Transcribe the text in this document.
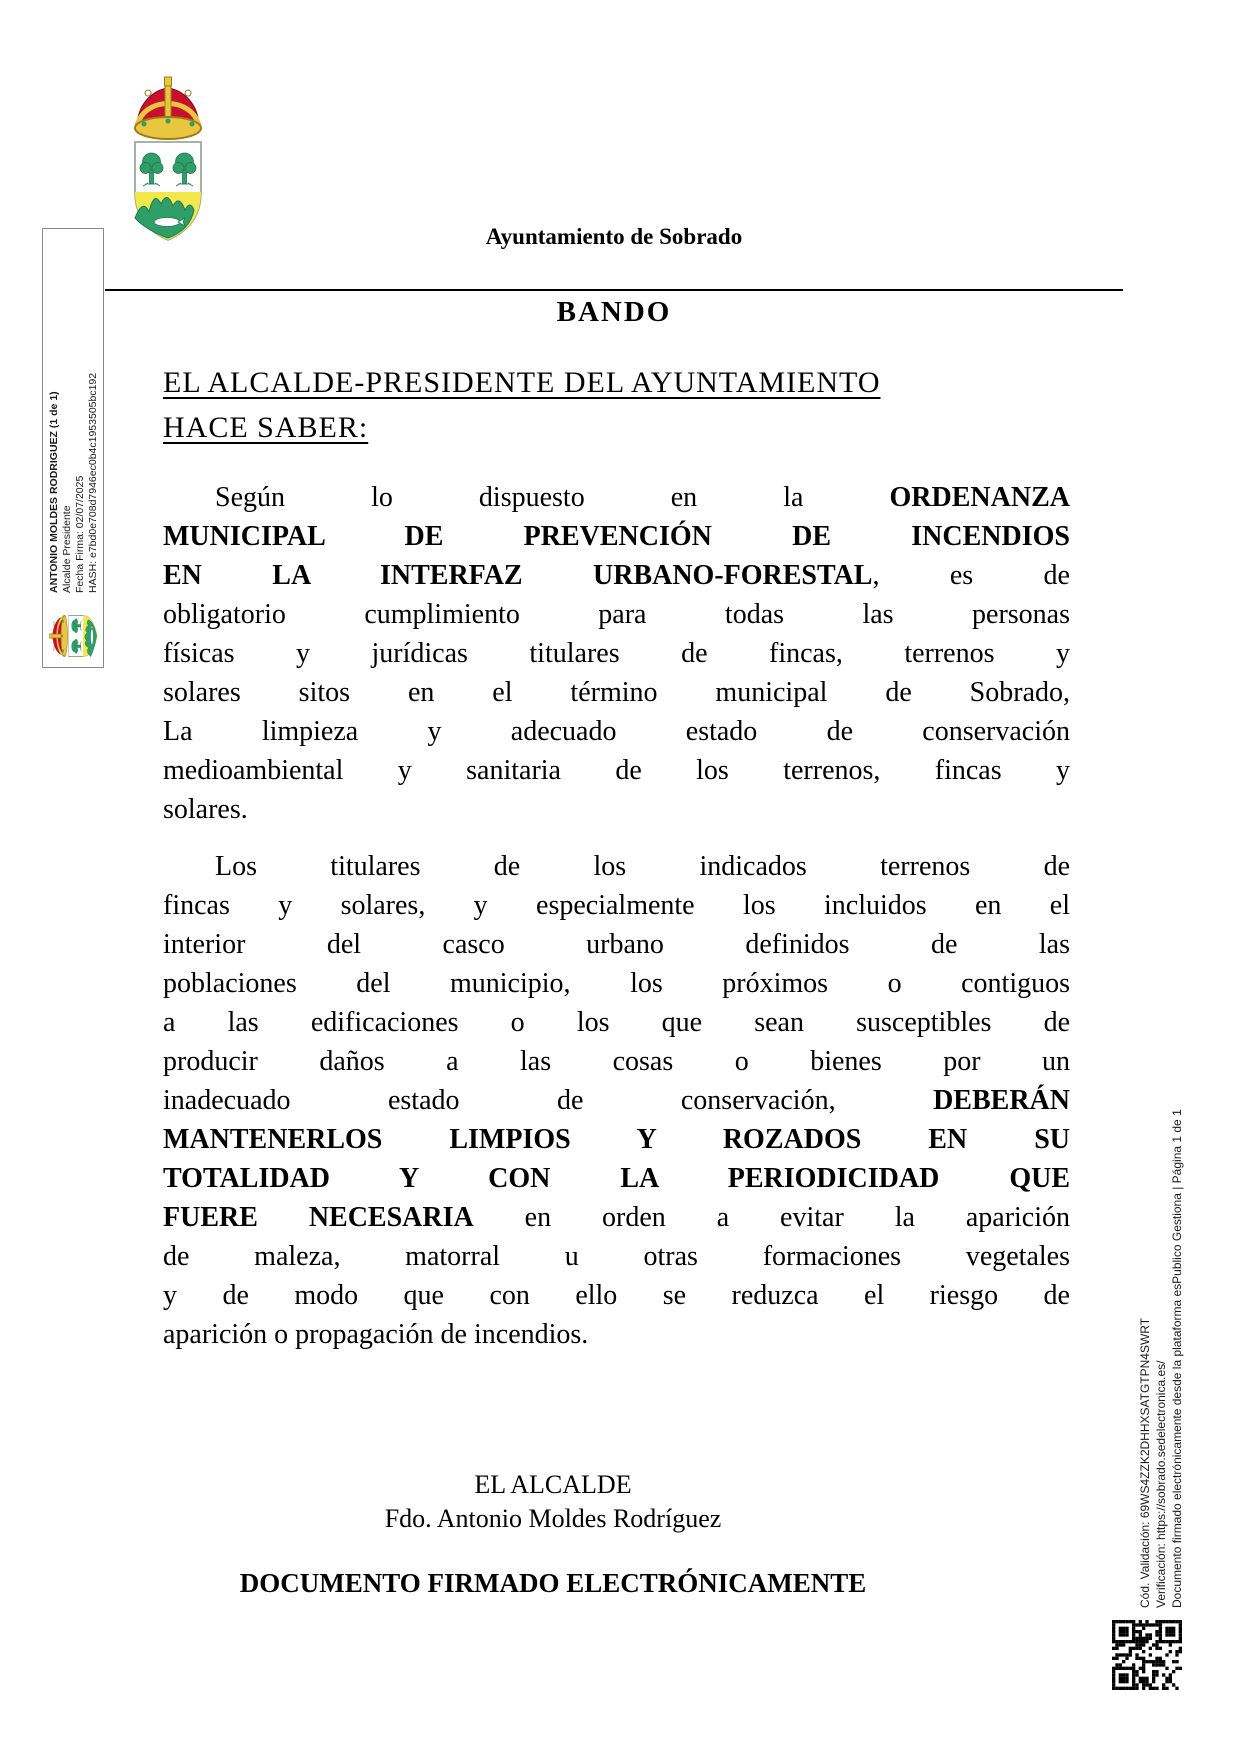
ANTONIO MOLDES RODRIGUEZ (1 de 1) Alcalde Presidente Fecha Firma: 02/07/2025 HASH: e7bd0e708d7946ec0b4c1953505bc192
Ayuntamiento de Sobrado
BANDO
EL ALCALDE-PRESIDENTE DEL AYUNTAMIENTO
HACE SABER:
Según lo dispuesto en la ORDENANZA
MUNICIPAL DE PREVENCIÓN DE INCENDIOS
EN LA INTERFAZ URBANO-FORESTAL, es de
obligatorio cumplimiento para todas las personas
físicas y jurídicas titulares de fincas, terrenos y
solares sitos en el término municipal de Sobrado,
La limpieza y adecuado estado de conservación
medioambiental y sanitaria de los terrenos, fincas y
solares.
Los titulares de los indicados terrenos de
fincas y solares, y especialmente los incluidos en el
interior del casco urbano definidos de las
poblaciones del municipio, los próximos o contiguos
a las edificaciones o los que sean susceptibles de
producir daños a las cosas o bienes por un
inadecuado estado de conservación, DEBERÁN
MANTENERLOS LIMPIOS Y ROZADOS EN SU
TOTALIDAD Y CON LA PERIODICIDAD QUE
FUERE NECESARIA en orden a evitar la aparición
de maleza, matorral u otras formaciones vegetales
y de modo que con ello se reduzca el riesgo de
aparición o propagación de incendios.
EL ALCALDE
Fdo. Antonio Moldes Rodríguez
DOCUMENTO FIRMADO ELECTRÓNICAMENTE	Cód. Validación: 69WS4ZZK2DHHXSATGTPN4SWRT Verificación: https://sobrado.sedelectronica.es/ Documento firmado electrónicamente desde la plataforma esPublico Gestiona | Página 1 de 1
